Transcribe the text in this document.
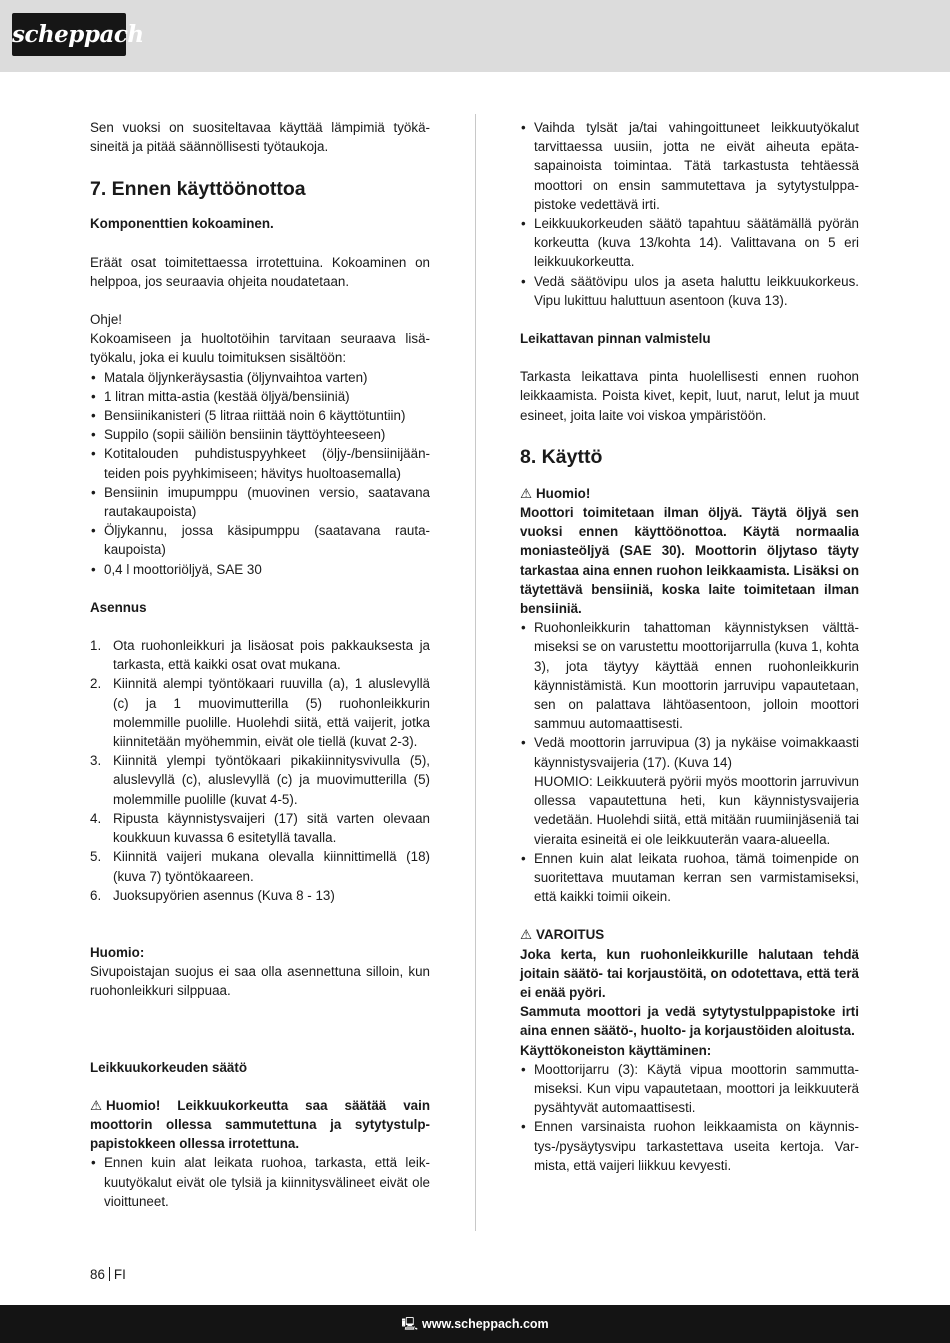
scheppach

Sen vuoksi on suositeltavaa käyttää lämpimiä työkäsineitä ja pitää säännöllisesti työtaukoja.

7. Ennen käyttöönottoa

Komponenttien kokoaminen.

Eräät osat toimitettaessa irrotettuina. Kokoaminen on helppoa, jos seuraavia ohjeita noudatetaan.

Ohje!

Kokoamiseen ja huoltotöihin tarvitaan seuraava lisätyökalu, joka ei kuulu toimituksen sisältöön:

• Matala öljynkeräysastia (öljynvaihtoa varten)
• 1 litran mitta-astia (kestää öljyä/bensiiniä)
• Bensiinikanisteri (5 litraa riittää noin 6 käyttötuntiin)
• Suppilo (sopii säiliön bensiinin täyttöyhteeseen)
• Kotitalouden puhdistuspyyhkeet (öljy-/bensiinijäänteiden pois pyyhkimiseen; hävitys huoltoasemalla)
• Bensiinin imupumppu (muovinen versio, saatavana rautakaupoista)
• Öljykannu, jossa käsipumppu (saatavana rautakaupoista)
• 0,4 l moottoriöljyä, SAE 30

Asennus

1. Ota ruohonleikkuri ja lisäosat pois pakkauksesta ja tarkasta, että kaikki osat ovat mukana.
2. Kiinnitä alempi työntökaari ruuvilla (a), 1 aluslevyllä (c) ja 1 muovimutterilla (5) ruohonleikkurin molemmille puolille. Huolehdi siitä, että vaijerit, jotka kiinnitetään myöhemmin, eivät ole tiellä (kuvat 2-3).
3. Kiinnitä ylempi työntökaari pikakiinnitysvivulla (5), aluslevyllä (c), aluslevyllä (c) ja muovimutterilla (5) molemmille puolille (kuvat 4-5).
4. Ripusta käynnistysvaijeri (17) sitä varten olevaan koukkuun kuvassa 6 esitetyllä tavalla.
5. Kiinnitä vaijeri mukana olevalla kiinnittimellä (18) (kuva 7) työntökaareen.
6. Juoksupyörien asennus (Kuva 8 - 13)

Huomio:

Sivupoistajan suojus ei saa olla asennettuna silloin, kun ruohonleikkuri silppuaa.

Leikkuukorkeuden säätö

⚠ Huomio! Leikkuukorkeutta saa säätää vain moottorin ollessa sammutettuna ja sytytystulppapistokkeen ollessa irrotettuna.

• Ennen kuin alat leikata ruohoa, tarkasta, että leikkuutyökalut eivät ole tylsiä ja kiinnitysvälineet eivät ole vioittuneet.
• Vaihda tylsät ja/tai vahingoittuneet leikkuutyökalut tarvittaessa uusiin, jotta ne eivät aiheuta epätasapainoista toimintaa. Tätä tarkastusta tehtäessä moottori on ensin sammutettava ja sytytystulppapistoke vedettävä irti.
• Leikkuukorkeuden säätö tapahtuu säätämällä pyörän korkeutta (kuva 13/kohta 14). Valittavana on 5 eri leikkuukorkeutta.
• Vedä säätövipu ulos ja aseta haluttu leikkuukorkeus. Vipu lukittuu haluttuun asentoon (kuva 13).

Leikattavan pinnan valmistelu

Tarkasta leikattava pinta huolellisesti ennen ruohon leikkaamista. Poista kivet, kepit, luut, narut, lelut ja muut esineet, joita laite voi viskoa ympäristöön.

8. Käyttö

⚠ Huomio!

Moottori toimitetaan ilman öljyä. Täytä öljyä sen vuoksi ennen käyttöönottoa. Käytä normaalia moniasteöljyä (SAE 30). Moottorin öljytaso täyty tarkastaa aina ennen ruohon leikkaamista. Lisäksi on täytettävä bensiiniä, koska laite toimitetaan ilman bensiiniä.

• Ruohonleikkurin tahattoman käynnistyksen välttämiseksi se on varustettu moottorijarrulla (kuva 1, kohta 3), jota täytyy käyttää ennen ruohonleikkurin käynnistämistä. Kun moottorin jarruvipu vapautetaan, sen on palattava lähtöasentoon, jolloin moottori sammuu automaattisesti.
• Vedä moottorin jarruvipua (3) ja nykäise voimakkaasti käynnistysvaijeria (17). (Kuva 14)
HUOMIO: Leikkuuterä pyörii myös moottorin jarruvivun ollessa vapautettuna heti, kun käynnistysvaijeria vedetään. Huolehdi siitä, että mitään ruumiinjäseniä tai vieraita esineitä ei ole leikkuuterän vaara-alueella.
• Ennen kuin alat leikata ruohoa, tämä toimenpide on suoritettava muutaman kerran sen varmistamiseksi, että kaikki toimii oikein.

⚠ VAROITUS

Joka kerta, kun ruohonleikkurille halutaan tehdä joitain säätö- tai korjaustöitä, on odotettava, että terä ei enää pyöri.

Sammuta moottori ja vedä sytytystulppapistoke irti aina ennen säätö-, huolto- ja korjaustöiden aloitusta.

Käyttökoneiston käyttäminen:

• Moottorijarru (3): Käytä vipua moottorin sammuttamiseksi. Kun vipu vapautetaan, moottori ja leikkuuterä pysähtyvät automaattisesti.
• Ennen varsinaista ruohon leikkaamista on käynnistys-/pysäytysvipu tarkastettava useita kertoja. Varmista, että vaijeri liikkuu kevyesti.
86 FI
🖳 www.scheppach.com
